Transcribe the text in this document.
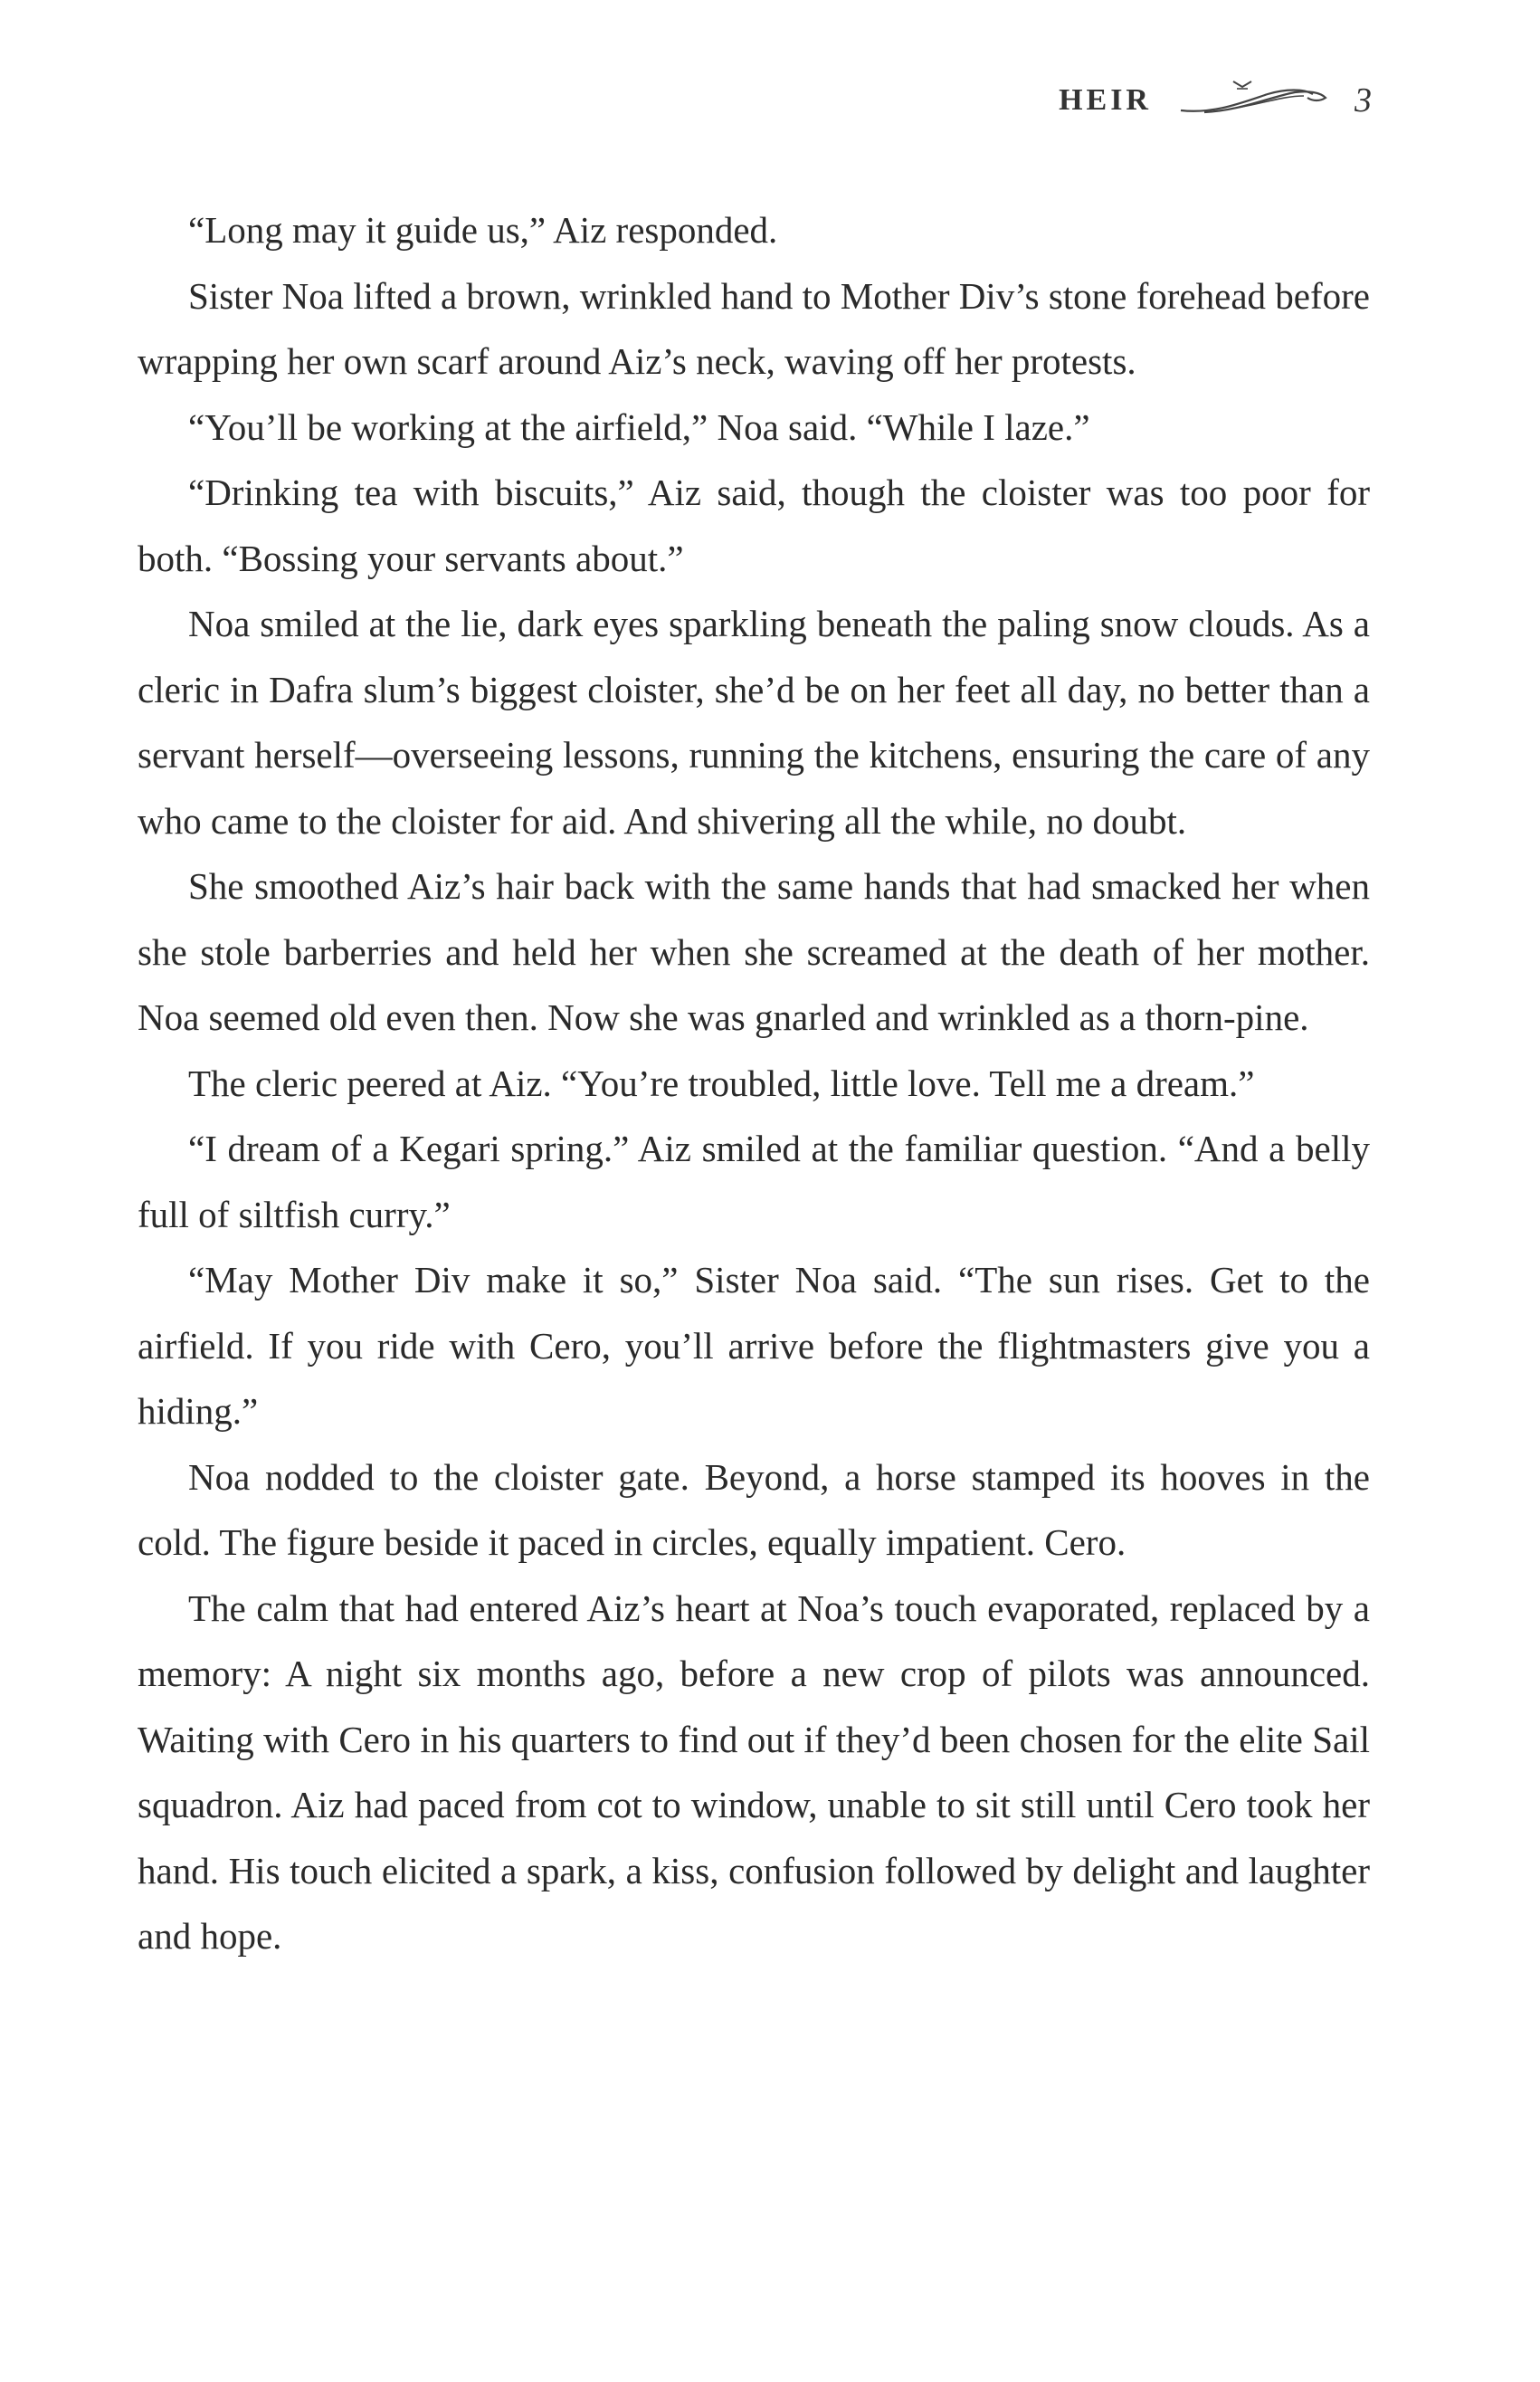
HEIR	3

“Long may it guide us,” Aiz responded.

Sister Noa lifted a brown, wrinkled hand to Mother Div’s stone forehead before wrapping her own scarf around Aiz’s neck, waving off her protests.

“You’ll be working at the airfield,” Noa said. “While I laze.”

“Drinking tea with biscuits,” Aiz said, though the cloister was too poor for both. “Bossing your servants about.”

Noa smiled at the lie, dark eyes sparkling beneath the paling snow clouds. As a cleric in Dafra slum’s biggest cloister, she’d be on her feet all day, no better than a servant herself—overseeing lessons, running the kitchens, ensuring the care of any who came to the cloister for aid. And shivering all the while, no doubt.

She smoothed Aiz’s hair back with the same hands that had smacked her when she stole barberries and held her when she screamed at the death of her mother. Noa seemed old even then. Now she was gnarled and wrinkled as a thorn-pine.

The cleric peered at Aiz. “You’re troubled, little love. Tell me a dream.”

“I dream of a Kegari spring.” Aiz smiled at the familiar question. “And a belly full of siltfish curry.”

“May Mother Div make it so,” Sister Noa said. “The sun rises. Get to the airfield. If you ride with Cero, you’ll arrive before the flightmasters give you a hiding.”

Noa nodded to the cloister gate. Beyond, a horse stamped its hooves in the cold. The figure beside it paced in circles, equally impatient. Cero.

The calm that had entered Aiz’s heart at Noa’s touch evaporated, replaced by a memory: A night six months ago, before a new crop of pilots was announced. Waiting with Cero in his quarters to find out if they’d been chosen for the elite Sail squadron. Aiz had paced from cot to window, unable to sit still until Cero took her hand. His touch elicited a spark, a kiss, confusion followed by delight and laughter and hope.
